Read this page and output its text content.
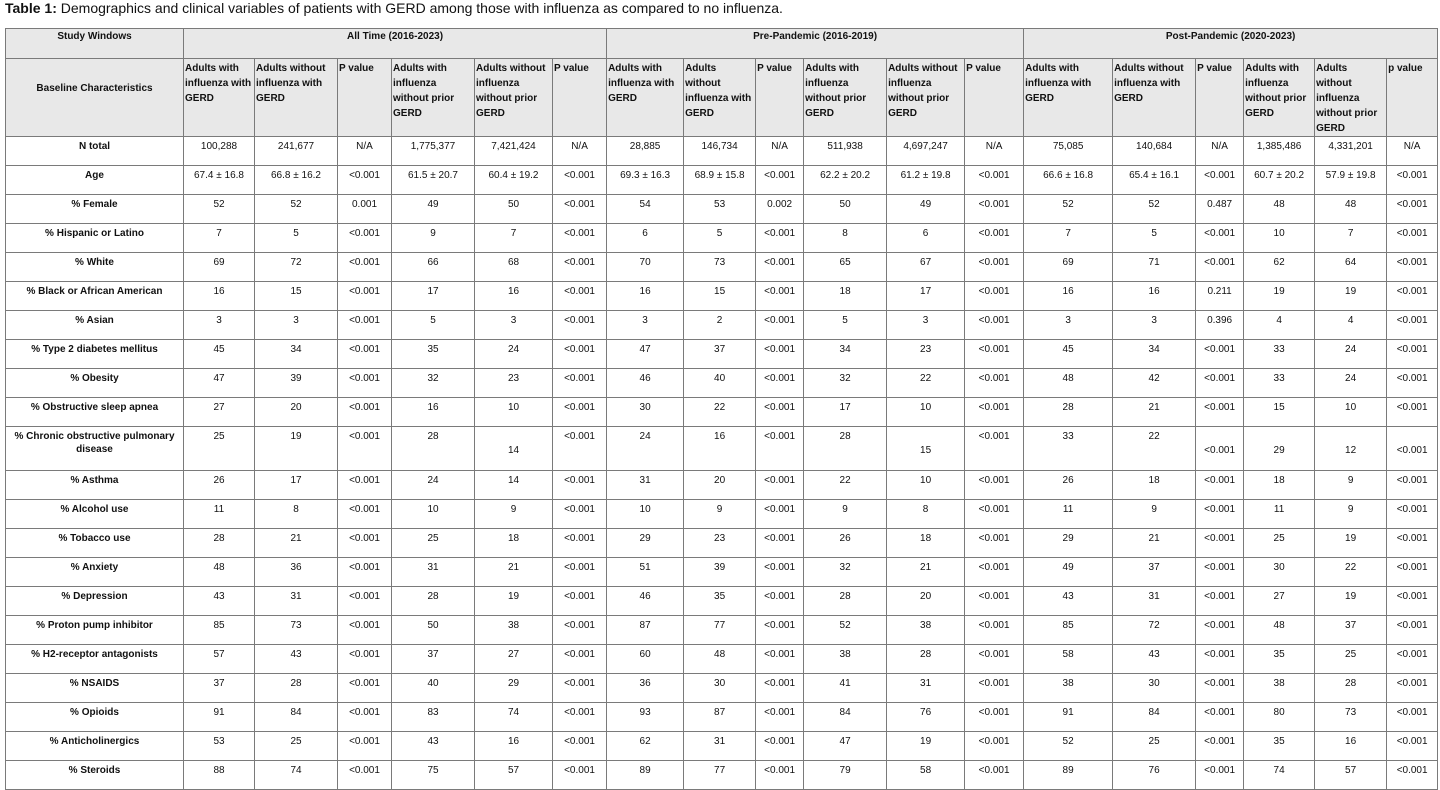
Table 1: Demographics and clinical variables of patients with GERD among those with influenza as compared to no influenza.
Study Windows	All Time (2016-2023)						Pre-Pandemic (2016-2019)						Post-Pandemic (2020-2023)					
Baseline Characteristics	Adults with influenza with GERD	Adults without influenza with GERD	P value	Adults with influenza without prior GERD	Adults without influenza without prior GERD	P value	Adults with influenza with GERD	Adults without influenza with GERD	P value	Adults with influenza without prior GERD	Adults without influenza without prior GERD	P value	Adults with influenza with GERD	Adults without influenza with GERD	P value	Adults with influenza without prior GERD	Adults without influenza without prior GERD	p value
N total	100,288	241,677	N/A	1,775,377	7,421,424	N/A	28,885	146,734	N/A	511,938	4,697,247	N/A	75,085	140,684	N/A	1,385,486	4,331,201	N/A
Age	67.4 ± 16.8	66.8 ± 16.2	<0.001	61.5 ± 20.7	60.4 ± 19.2	<0.001	69.3 ± 16.3	68.9 ± 15.8	<0.001	62.2 ± 20.2	61.2 ± 19.8	<0.001	66.6 ± 16.8	65.4 ± 16.1	<0.001	60.7 ± 20.2	57.9 ± 19.8	<0.001
% Female	52	52	0.001	49	50	<0.001	54	53	0.002	50	49	<0.001	52	52	0.487	48	48	<0.001
% Hispanic or Latino	7	5	<0.001	9	7	<0.001	6	5	<0.001	8	6	<0.001	7	5	<0.001	10	7	<0.001
% White	69	72	<0.001	66	68	<0.001	70	73	<0.001	65	67	<0.001	69	71	<0.001	62	64	<0.001
% Black or African American	16	15	<0.001	17	16	<0.001	16	15	<0.001	18	17	<0.001	16	16	0.211	19	19	<0.001
% Asian	3	3	<0.001	5	3	<0.001	3	2	<0.001	5	3	<0.001	3	3	0.396	4	4	<0.001
% Type 2 diabetes mellitus	45	34	<0.001	35	24	<0.001	47	37	<0.001	34	23	<0.001	45	34	<0.001	33	24	<0.001
% Obesity	47	39	<0.001	32	23	<0.001	46	40	<0.001	32	22	<0.001	48	42	<0.001	33	24	<0.001
% Obstructive sleep apnea	27	20	<0.001	16	10	<0.001	30	22	<0.001	17	10	<0.001	28	21	<0.001	15	10	<0.001
% Chronic obstructive pulmonary disease	25	19	<0.001	28	14	<0.001	24	16	<0.001	28	15	<0.001	33	22	<0.001	29	12	<0.001
% Asthma	26	17	<0.001	24	14	<0.001	31	20	<0.001	22	10	<0.001	26	18	<0.001	18	9	<0.001
% Alcohol use	11	8	<0.001	10	9	<0.001	10	9	<0.001	9	8	<0.001	11	9	<0.001	11	9	<0.001
% Tobacco use	28	21	<0.001	25	18	<0.001	29	23	<0.001	26	18	<0.001	29	21	<0.001	25	19	<0.001
% Anxiety	48	36	<0.001	31	21	<0.001	51	39	<0.001	32	21	<0.001	49	37	<0.001	30	22	<0.001
% Depression	43	31	<0.001	28	19	<0.001	46	35	<0.001	28	20	<0.001	43	31	<0.001	27	19	<0.001
% Proton pump inhibitor	85	73	<0.001	50	38	<0.001	87	77	<0.001	52	38	<0.001	85	72	<0.001	48	37	<0.001
% H2-receptor antagonists	57	43	<0.001	37	27	<0.001	60	48	<0.001	38	28	<0.001	58	43	<0.001	35	25	<0.001
% NSAIDS	37	28	<0.001	40	29	<0.001	36	30	<0.001	41	31	<0.001	38	30	<0.001	38	28	<0.001
% Opioids	91	84	<0.001	83	74	<0.001	93	87	<0.001	84	76	<0.001	91	84	<0.001	80	73	<0.001
% Anticholinergics	53	25	<0.001	43	16	<0.001	62	31	<0.001	47	19	<0.001	52	25	<0.001	35	16	<0.001
% Steroids	88	74	<0.001	75	57	<0.001	89	77	<0.001	79	58	<0.001	89	76	<0.001	74	57	<0.001
